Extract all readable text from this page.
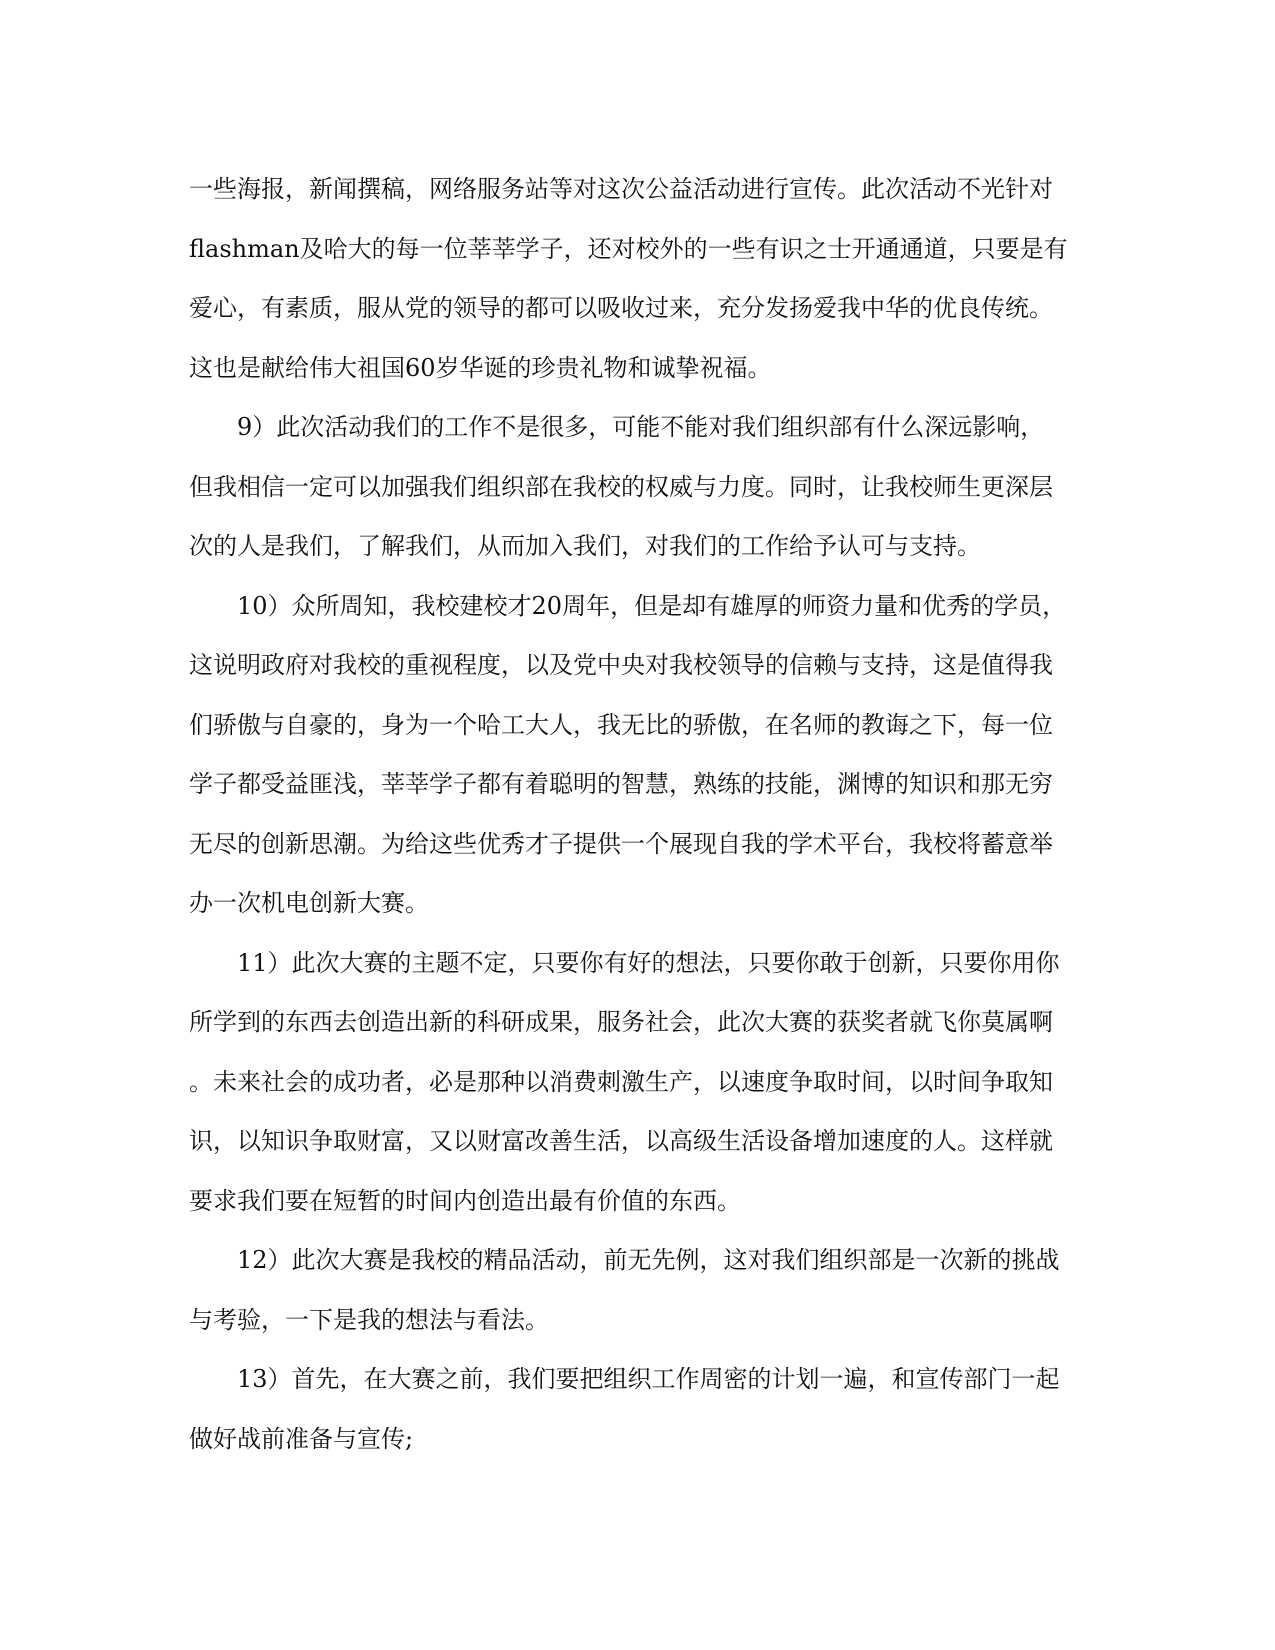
一些海报，新闻撰稿，网络服务站等对这次公益活动进行宣传。此次活动不光针对
flashman及哈大的每一位莘莘学子，还对校外的一些有识之士开通通道，只要是有
爱心，有素质，服从党的领导的都可以吸收过来，充分发扬爱我中华的优良传统。
这也是献给伟大祖国60岁华诞的珍贵礼物和诚挚祝福。
9）此次活动我们的工作不是很多，可能不能对我们组织部有什么深远影响，
但我相信一定可以加强我们组织部在我校的权威与力度。同时，让我校师生更深层
次的人是我们，了解我们，从而加入我们，对我们的工作给予认可与支持。
10）众所周知，我校建校才20周年，但是却有雄厚的师资力量和优秀的学员，
这说明政府对我校的重视程度，以及党中央对我校领导的信赖与支持，这是值得我
们骄傲与自豪的，身为一个哈工大人，我无比的骄傲，在名师的教诲之下，每一位
学子都受益匪浅，莘莘学子都有着聪明的智慧，熟练的技能，渊博的知识和那无穷
无尽的创新思潮。为给这些优秀才子提供一个展现自我的学术平台，我校将蓄意举
办一次机电创新大赛。
11）此次大赛的主题不定，只要你有好的想法，只要你敢于创新，只要你用你
所学到的东西去创造出新的科研成果，服务社会，此次大赛的获奖者就飞你莫属啊
。未来社会的成功者，必是那种以消费刺激生产，以速度争取时间，以时间争取知
识，以知识争取财富，又以财富改善生活，以高级生活设备增加速度的人。这样就
要求我们要在短暂的时间内创造出最有价值的东西。
12）此次大赛是我校的精品活动，前无先例，这对我们组织部是一次新的挑战
与考验，一下是我的想法与看法。
13）首先，在大赛之前，我们要把组织工作周密的计划一遍，和宣传部门一起
做好战前准备与宣传;
